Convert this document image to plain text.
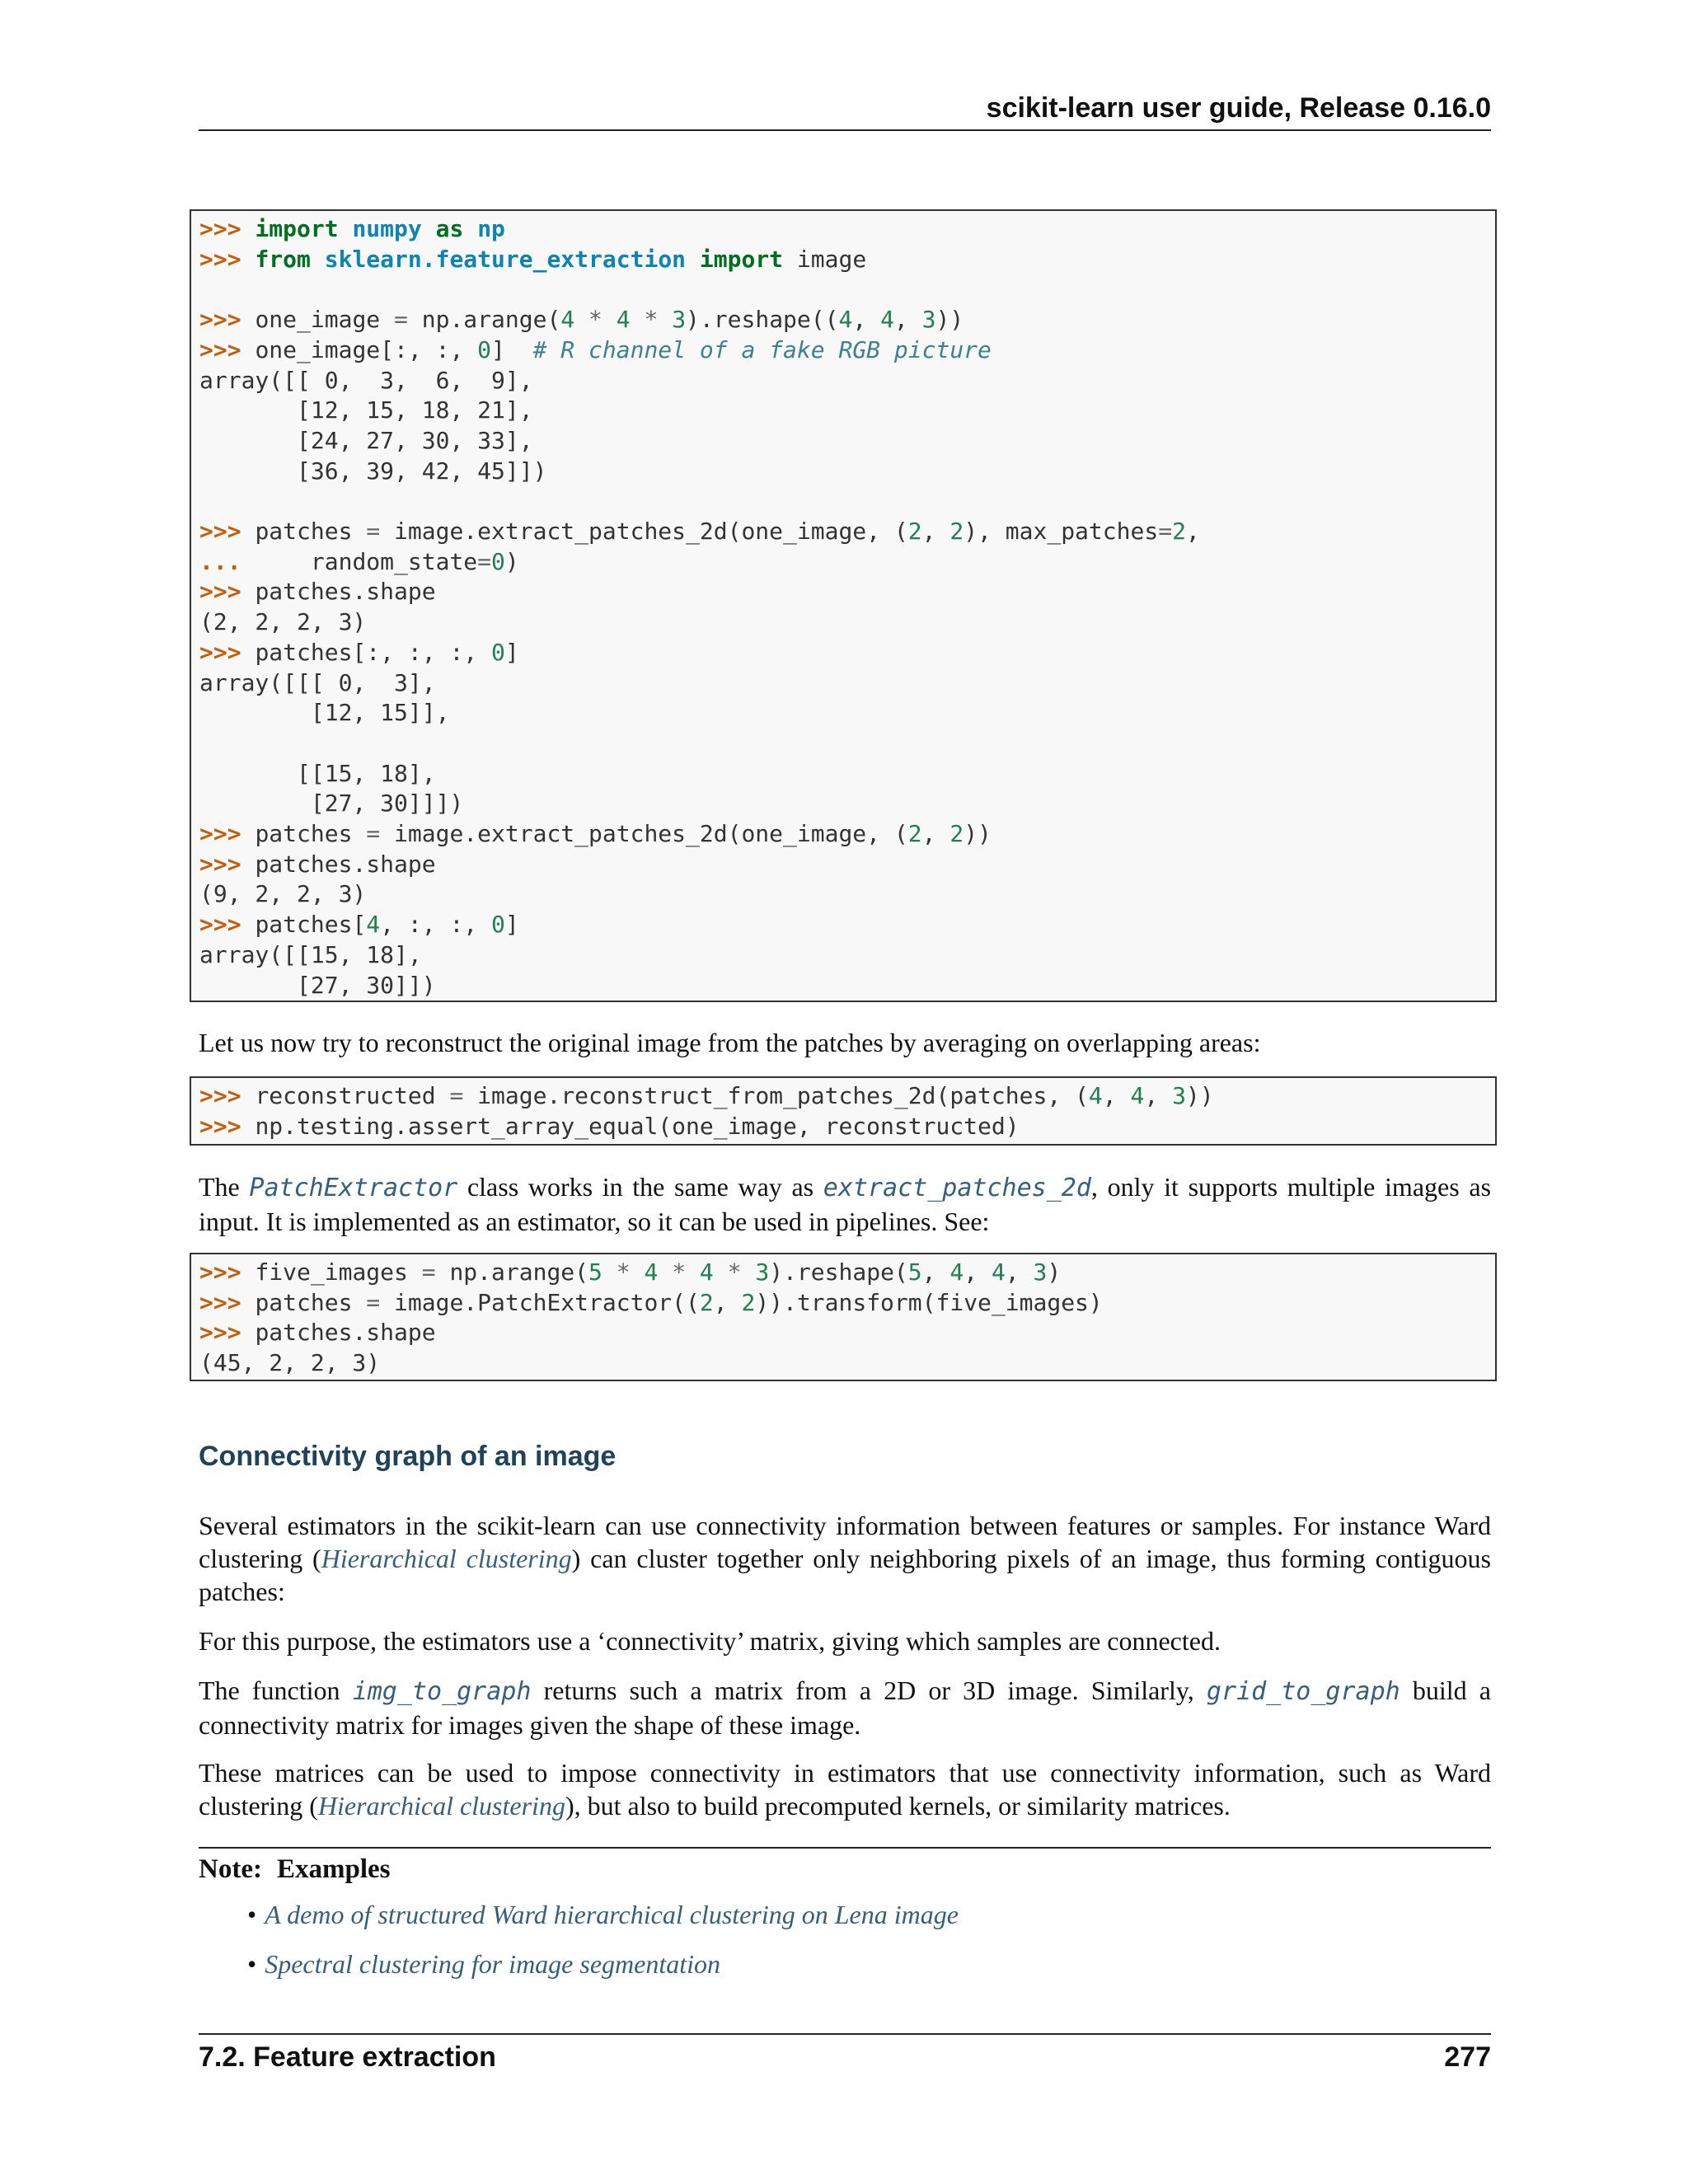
scikit-learn user guide, Release 0.16.0
>>> import numpy as np
>>> from sklearn.feature_extraction import image

>>> one_image = np.arange(4 * 4 * 3).reshape((4, 4, 3))
>>> one_image[:, :, 0]  # R channel of a fake RGB picture
array([[ 0,  3,  6,  9],
[12, 15, 18, 21],
[24, 27, 30, 33],
[36, 39, 42, 45]])

>>> patches = image.extract_patches_2d(one_image, (2, 2), max_patches=2,
...     random_state=0)
>>> patches.shape
(2, 2, 2, 3)
>>> patches[:, :, :, 0]
array([[[ 0,  3],
[12, 15]],

[[15, 18],
[27, 30]]])
>>> patches = image.extract_patches_2d(one_image, (2, 2))
>>> patches.shape
(9, 2, 2, 3)
>>> patches[4, :, :, 0]
array([[15, 18],
[27, 30]])

Let us now try to reconstruct the original image from the patches by averaging on overlapping areas:

>>> reconstructed = image.reconstruct_from_patches_2d(patches, (4, 4, 3))
>>> np.testing.assert_array_equal(one_image, reconstructed)

The PatchExtractor class works in the same way as extract_patches_2d, only it supports multiple images as input. It is implemented as an estimator, so it can be used in pipelines. See:

>>> five_images = np.arange(5 * 4 * 4 * 3).reshape(5, 4, 4, 3)
>>> patches = image.PatchExtractor((2, 2)).transform(five_images)
>>> patches.shape
(45, 2, 2, 3)
Connectivity graph of an image

Several estimators in the scikit-learn can use connectivity information between features or samples. For instance Ward clustering (Hierarchical clustering) can cluster together only neighboring pixels of an image, thus forming contiguous patches:

For this purpose, the estimators use a ‘connectivity’ matrix, giving which samples are connected.

The function img_to_graph returns such a matrix from a 2D or 3D image. Similarly, grid_to_graph build a connectivity matrix for images given the shape of these image.

These matrices can be used to impose connectivity in estimators that use connectivity information, such as Ward clustering (Hierarchical clustering), but also to build precomputed kernels, or similarity matrices.

Note: Examples

• A demo of structured Ward hierarchical clustering on Lena image
• Spectral clustering for image segmentation
7.2. Feature extraction	277
